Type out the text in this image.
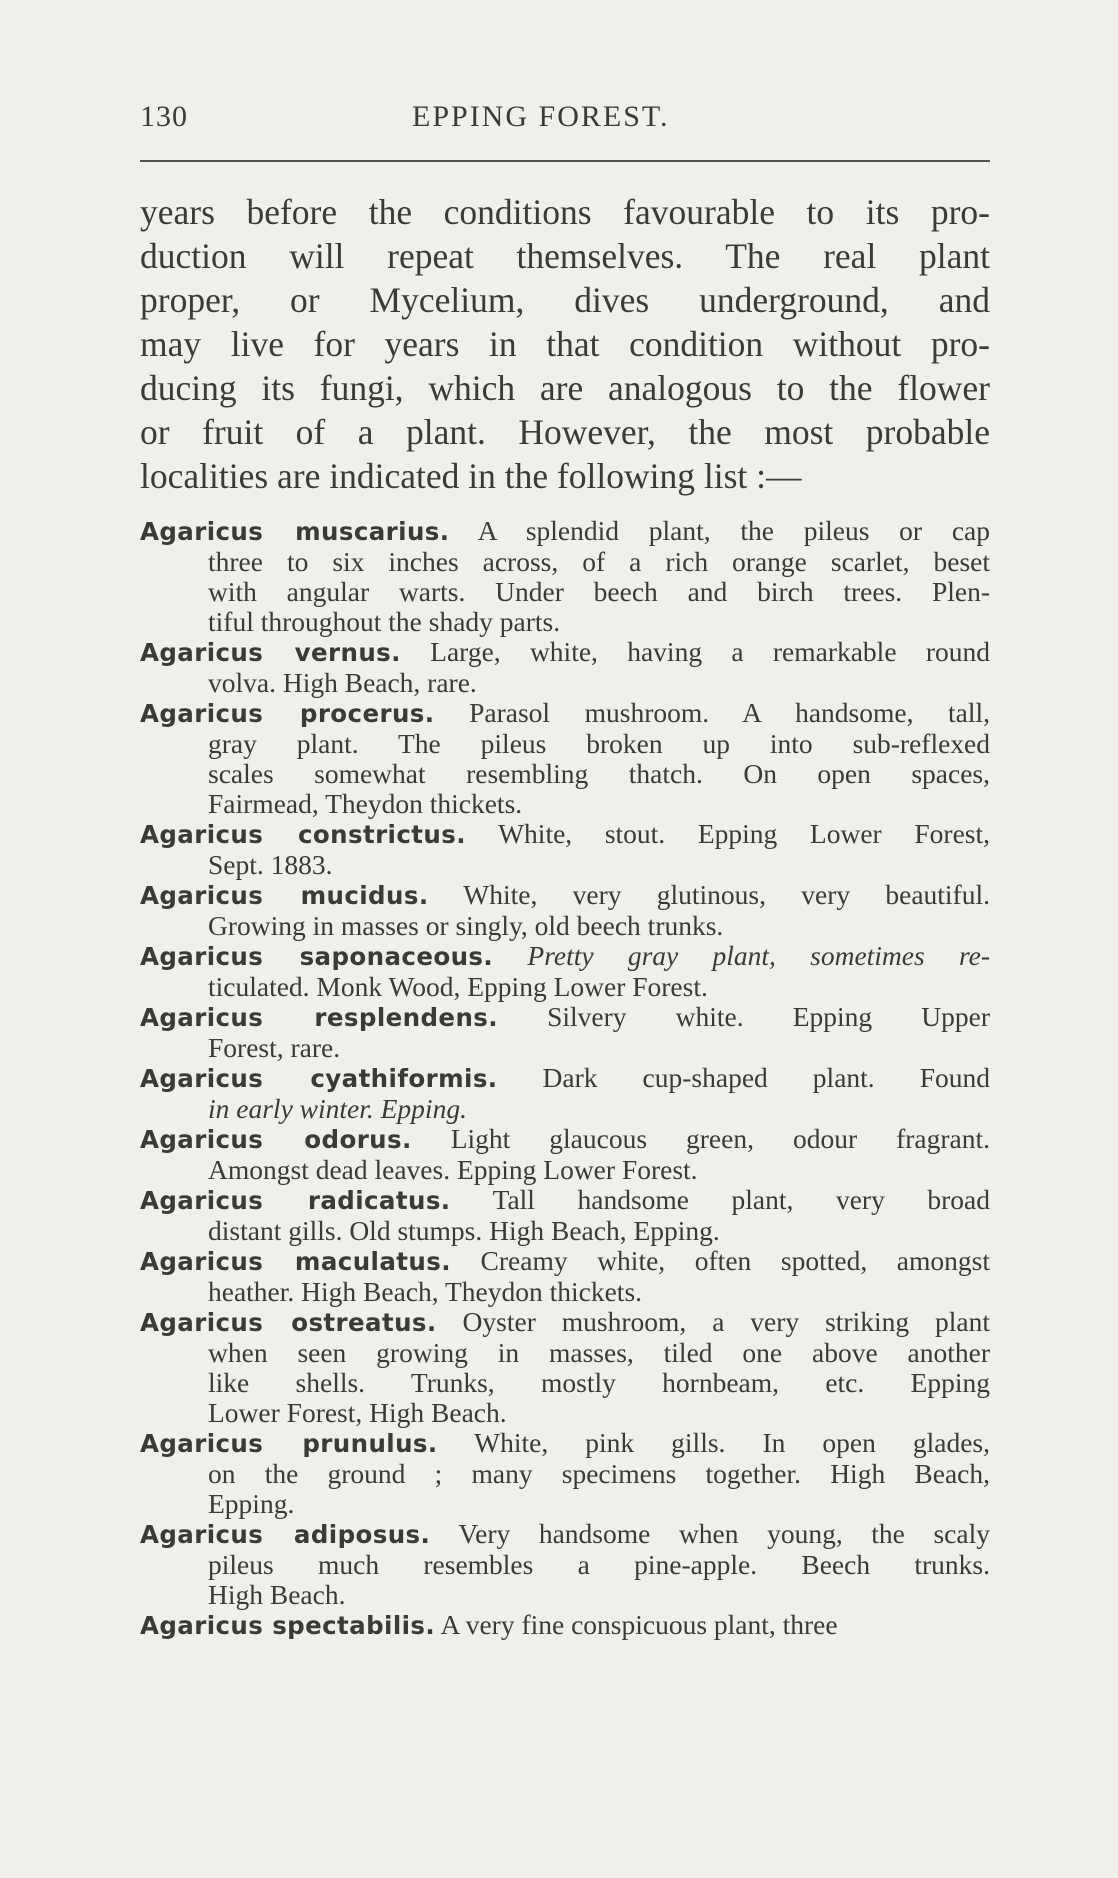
130	EPPING FOREST.

years before the conditions favourable to its pro-
duction will repeat themselves. The real plant
proper, or Mycelium, dives underground, and
may live for years in that condition without pro-
ducing its fungi, which are analogous to the flower
or fruit of a plant. However, the most probable
localities are indicated in the following list :—

Agaricus muscarius. A splendid plant, the pileus or cap
three to six inches across, of a rich orange scarlet, beset
with angular warts. Under beech and birch trees. Plen-
tiful throughout the shady parts.
Agaricus vernus. Large, white, having a remarkable round
volva. High Beach, rare.
Agaricus procerus. Parasol mushroom. A handsome, tall,
gray plant. The pileus broken up into sub-reflexed
scales somewhat resembling thatch. On open spaces,
Fairmead, Theydon thickets.
Agaricus constrictus. White, stout. Epping Lower Forest,
Sept. 1883.
Agaricus mucidus. White, very glutinous, very beautiful.
Growing in masses or singly, old beech trunks.
Agaricus saponaceous. Pretty gray plant, sometimes re-
ticulated. Monk Wood, Epping Lower Forest.
Agaricus resplendens. Silvery white. Epping Upper
Forest, rare.
Agaricus cyathiformis. Dark cup-shaped plant. Found
in early winter. Epping.
Agaricus odorus. Light glaucous green, odour fragrant.
Amongst dead leaves. Epping Lower Forest.
Agaricus radicatus. Tall handsome plant, very broad
distant gills. Old stumps. High Beach, Epping.
Agaricus maculatus. Creamy white, often spotted, amongst
heather. High Beach, Theydon thickets.
Agaricus ostreatus. Oyster mushroom, a very striking plant
when seen growing in masses, tiled one above another
like shells. Trunks, mostly hornbeam, etc. Epping
Lower Forest, High Beach.
Agaricus prunulus. White, pink gills. In open glades,
on the ground ; many specimens together. High Beach,
Epping.
Agaricus adiposus. Very handsome when young, the scaly
pileus much resembles a pine-apple. Beech trunks.
High Beach.
Agaricus spectabilis. A very fine conspicuous plant, three
